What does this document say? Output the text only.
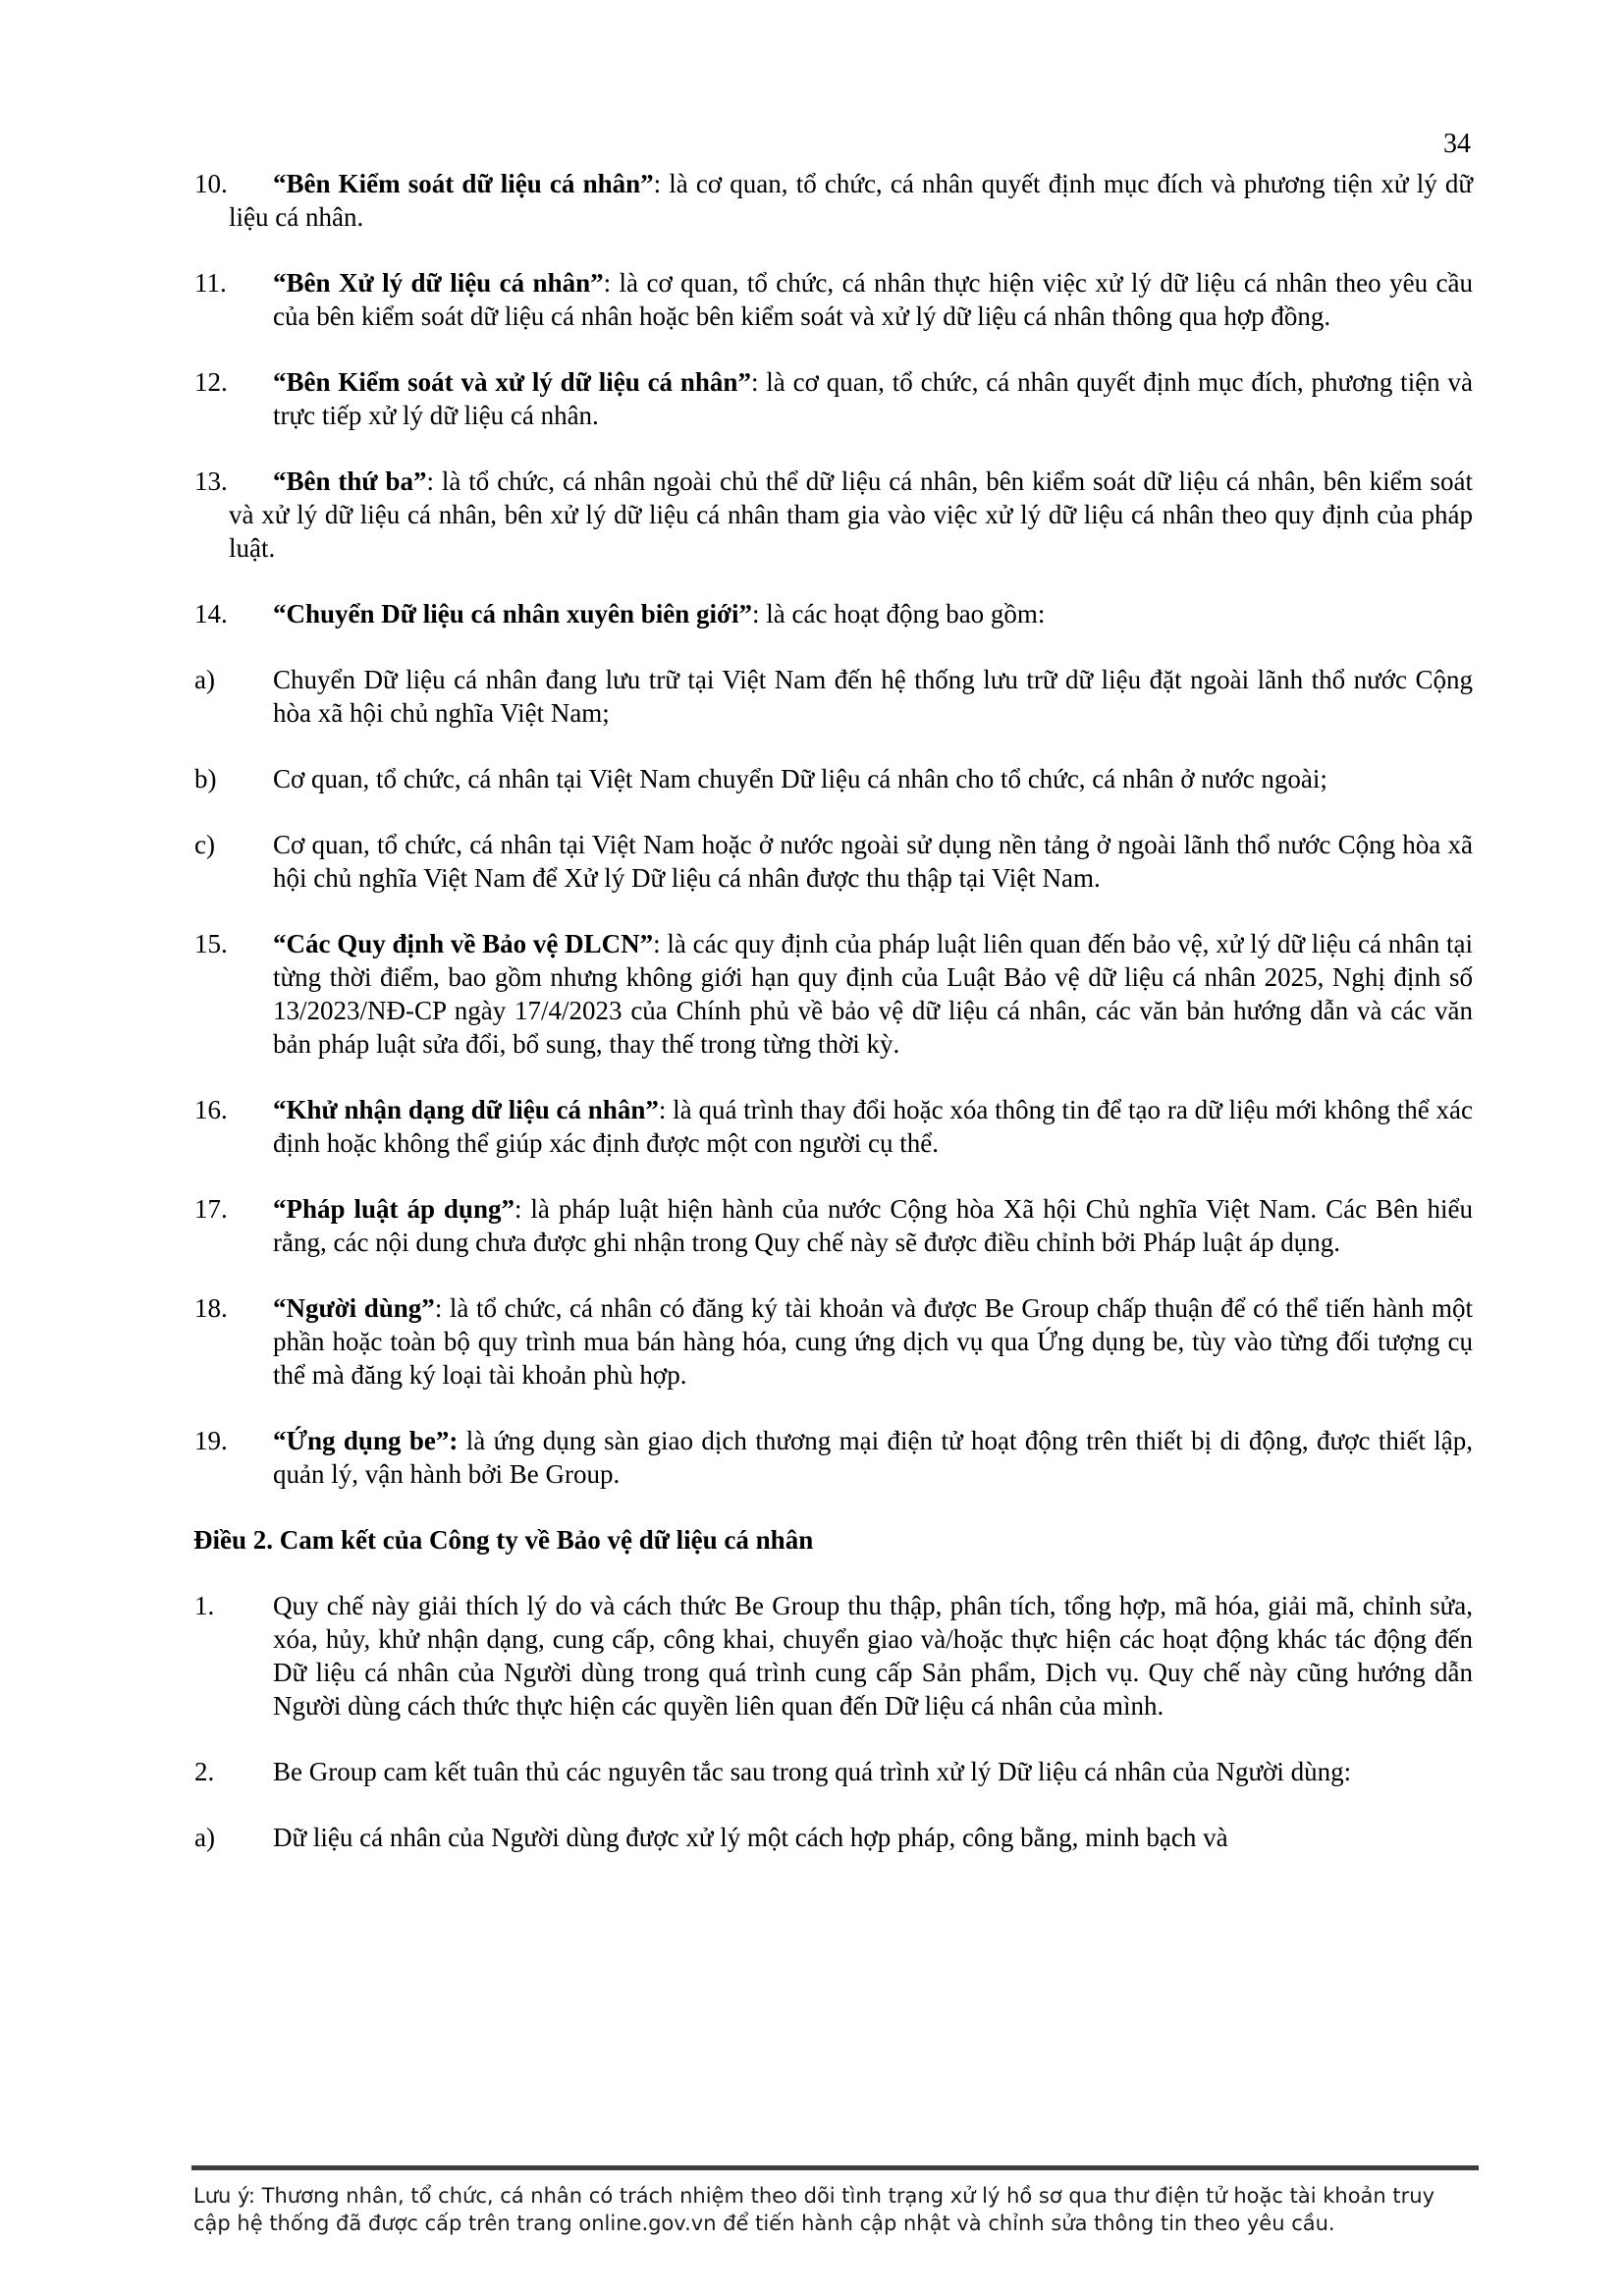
34

10. “Bên Kiểm soát dữ liệu cá nhân”: là cơ quan, tổ chức, cá nhân quyết định mục đích và phương tiện xử lý dữ liệu cá nhân.

11. “Bên Xử lý dữ liệu cá nhân”: là cơ quan, tổ chức, cá nhân thực hiện việc xử lý dữ liệu cá nhân theo yêu cầu của bên kiểm soát dữ liệu cá nhân hoặc bên kiểm soát và xử lý dữ liệu cá nhân thông qua hợp đồng.

12. “Bên Kiểm soát và xử lý dữ liệu cá nhân”: là cơ quan, tổ chức, cá nhân quyết định mục đích, phương tiện và trực tiếp xử lý dữ liệu cá nhân.

13. “Bên thứ ba”: là tổ chức, cá nhân ngoài chủ thể dữ liệu cá nhân, bên kiểm soát dữ liệu cá nhân, bên kiểm soát và xử lý dữ liệu cá nhân, bên xử lý dữ liệu cá nhân tham gia vào việc xử lý dữ liệu cá nhân theo quy định của pháp luật.

14. “Chuyển Dữ liệu cá nhân xuyên biên giới”: là các hoạt động bao gồm:

a) Chuyển Dữ liệu cá nhân đang lưu trữ tại Việt Nam đến hệ thống lưu trữ dữ liệu đặt ngoài lãnh thổ nước Cộng hòa xã hội chủ nghĩa Việt Nam;

b) Cơ quan, tổ chức, cá nhân tại Việt Nam chuyển Dữ liệu cá nhân cho tổ chức, cá nhân ở nước ngoài;

c) Cơ quan, tổ chức, cá nhân tại Việt Nam hoặc ở nước ngoài sử dụng nền tảng ở ngoài lãnh thổ nước Cộng hòa xã hội chủ nghĩa Việt Nam để Xử lý Dữ liệu cá nhân được thu thập tại Việt Nam.

15. “Các Quy định về Bảo vệ DLCN”: là các quy định của pháp luật liên quan đến bảo vệ, xử lý dữ liệu cá nhân tại từng thời điểm, bao gồm nhưng không giới hạn quy định của Luật Bảo vệ dữ liệu cá nhân 2025, Nghị định số 13/2023/NĐ-CP ngày 17/4/2023 của Chính phủ về bảo vệ dữ liệu cá nhân, các văn bản hướng dẫn và các văn bản pháp luật sửa đổi, bổ sung, thay thế trong từng thời kỳ.

16. “Khử nhận dạng dữ liệu cá nhân”: là quá trình thay đổi hoặc xóa thông tin để tạo ra dữ liệu mới không thể xác định hoặc không thể giúp xác định được một con người cụ thể.

17. “Pháp luật áp dụng”: là pháp luật hiện hành của nước Cộng hòa Xã hội Chủ nghĩa Việt Nam. Các Bên hiểu rằng, các nội dung chưa được ghi nhận trong Quy chế này sẽ được điều chỉnh bởi Pháp luật áp dụng.

18. “Người dùng”: là tổ chức, cá nhân có đăng ký tài khoản và được Be Group chấp thuận để có thể tiến hành một phần hoặc toàn bộ quy trình mua bán hàng hóa, cung ứng dịch vụ qua Ứng dụng be, tùy vào từng đối tượng cụ thể mà đăng ký loại tài khoản phù hợp.

19. “Ứng dụng be”: là ứng dụng sàn giao dịch thương mại điện tử hoạt động trên thiết bị di động, được thiết lập, quản lý, vận hành bởi Be Group.

Điều 2. Cam kết của Công ty về Bảo vệ dữ liệu cá nhân

1. Quy chế này giải thích lý do và cách thức Be Group thu thập, phân tích, tổng hợp, mã hóa, giải mã, chỉnh sửa, xóa, hủy, khử nhận dạng, cung cấp, công khai, chuyển giao và/hoặc thực hiện các hoạt động khác tác động đến Dữ liệu cá nhân của Người dùng trong quá trình cung cấp Sản phẩm, Dịch vụ. Quy chế này cũng hướng dẫn Người dùng cách thức thực hiện các quyền liên quan đến Dữ liệu cá nhân của mình.

2. Be Group cam kết tuân thủ các nguyên tắc sau trong quá trình xử lý Dữ liệu cá nhân của Người dùng:

a) Dữ liệu cá nhân của Người dùng được xử lý một cách hợp pháp, công bằng, minh bạch và

Lưu ý: Thương nhân, tổ chức, cá nhân có trách nhiệm theo dõi tình trạng xử lý hồ sơ qua thư điện tử hoặc tài khoản truy cập hệ thống đã được cấp trên trang online.gov.vn để tiến hành cập nhật và chỉnh sửa thông tin theo yêu cầu.
